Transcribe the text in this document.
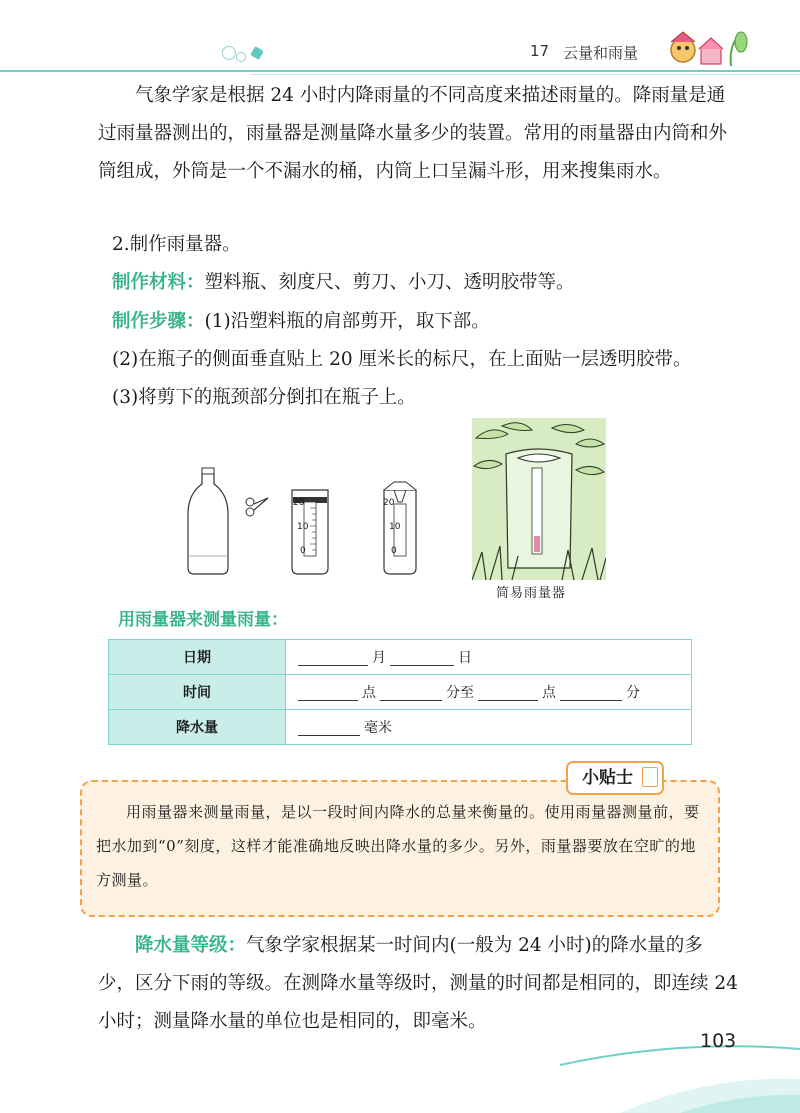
17 云量和雨量
气象学家是根据 24 小时内降雨量的不同高度来描述雨量的。降雨量是通过雨量器测出的，雨量器是测量降水量多少的装置。常用的雨量器由内筒和外筒组成，外筒是一个不漏水的桶，内筒上口呈漏斗形，用来搜集雨水。
2.制作雨量器。
制作材料：塑料瓶、刻度尺、剪刀、小刀、透明胶带等。
制作步骤：(1)沿塑料瓶的肩部剪开，取下部。
(2)在瓶子的侧面垂直贴上 20 厘米长的标尺，在上面贴一层透明胶带。
(3)将剪下的瓶颈部分倒扣在瓶子上。
20
10
0
20
10
0
简易雨量器
用雨量器来测量雨量：
日期	月 日
时间	点 分至 点 分
降水量	毫米
小贴士
用雨量器来测量雨量，是以一段时间内降水的总量来衡量的。使用雨量器测量前，要把水加到“0”刻度，这样才能准确地反映出降水量的多少。另外，雨量器要放在空旷的地方测量。
降水量等级：气象学家根据某一时间内(一般为 24 小时)的降水量的多少，区分下雨的等级。在测降水量等级时，测量的时间都是相同的，即连续 24 小时；测量降水量的单位也是相同的，即毫米。
103
